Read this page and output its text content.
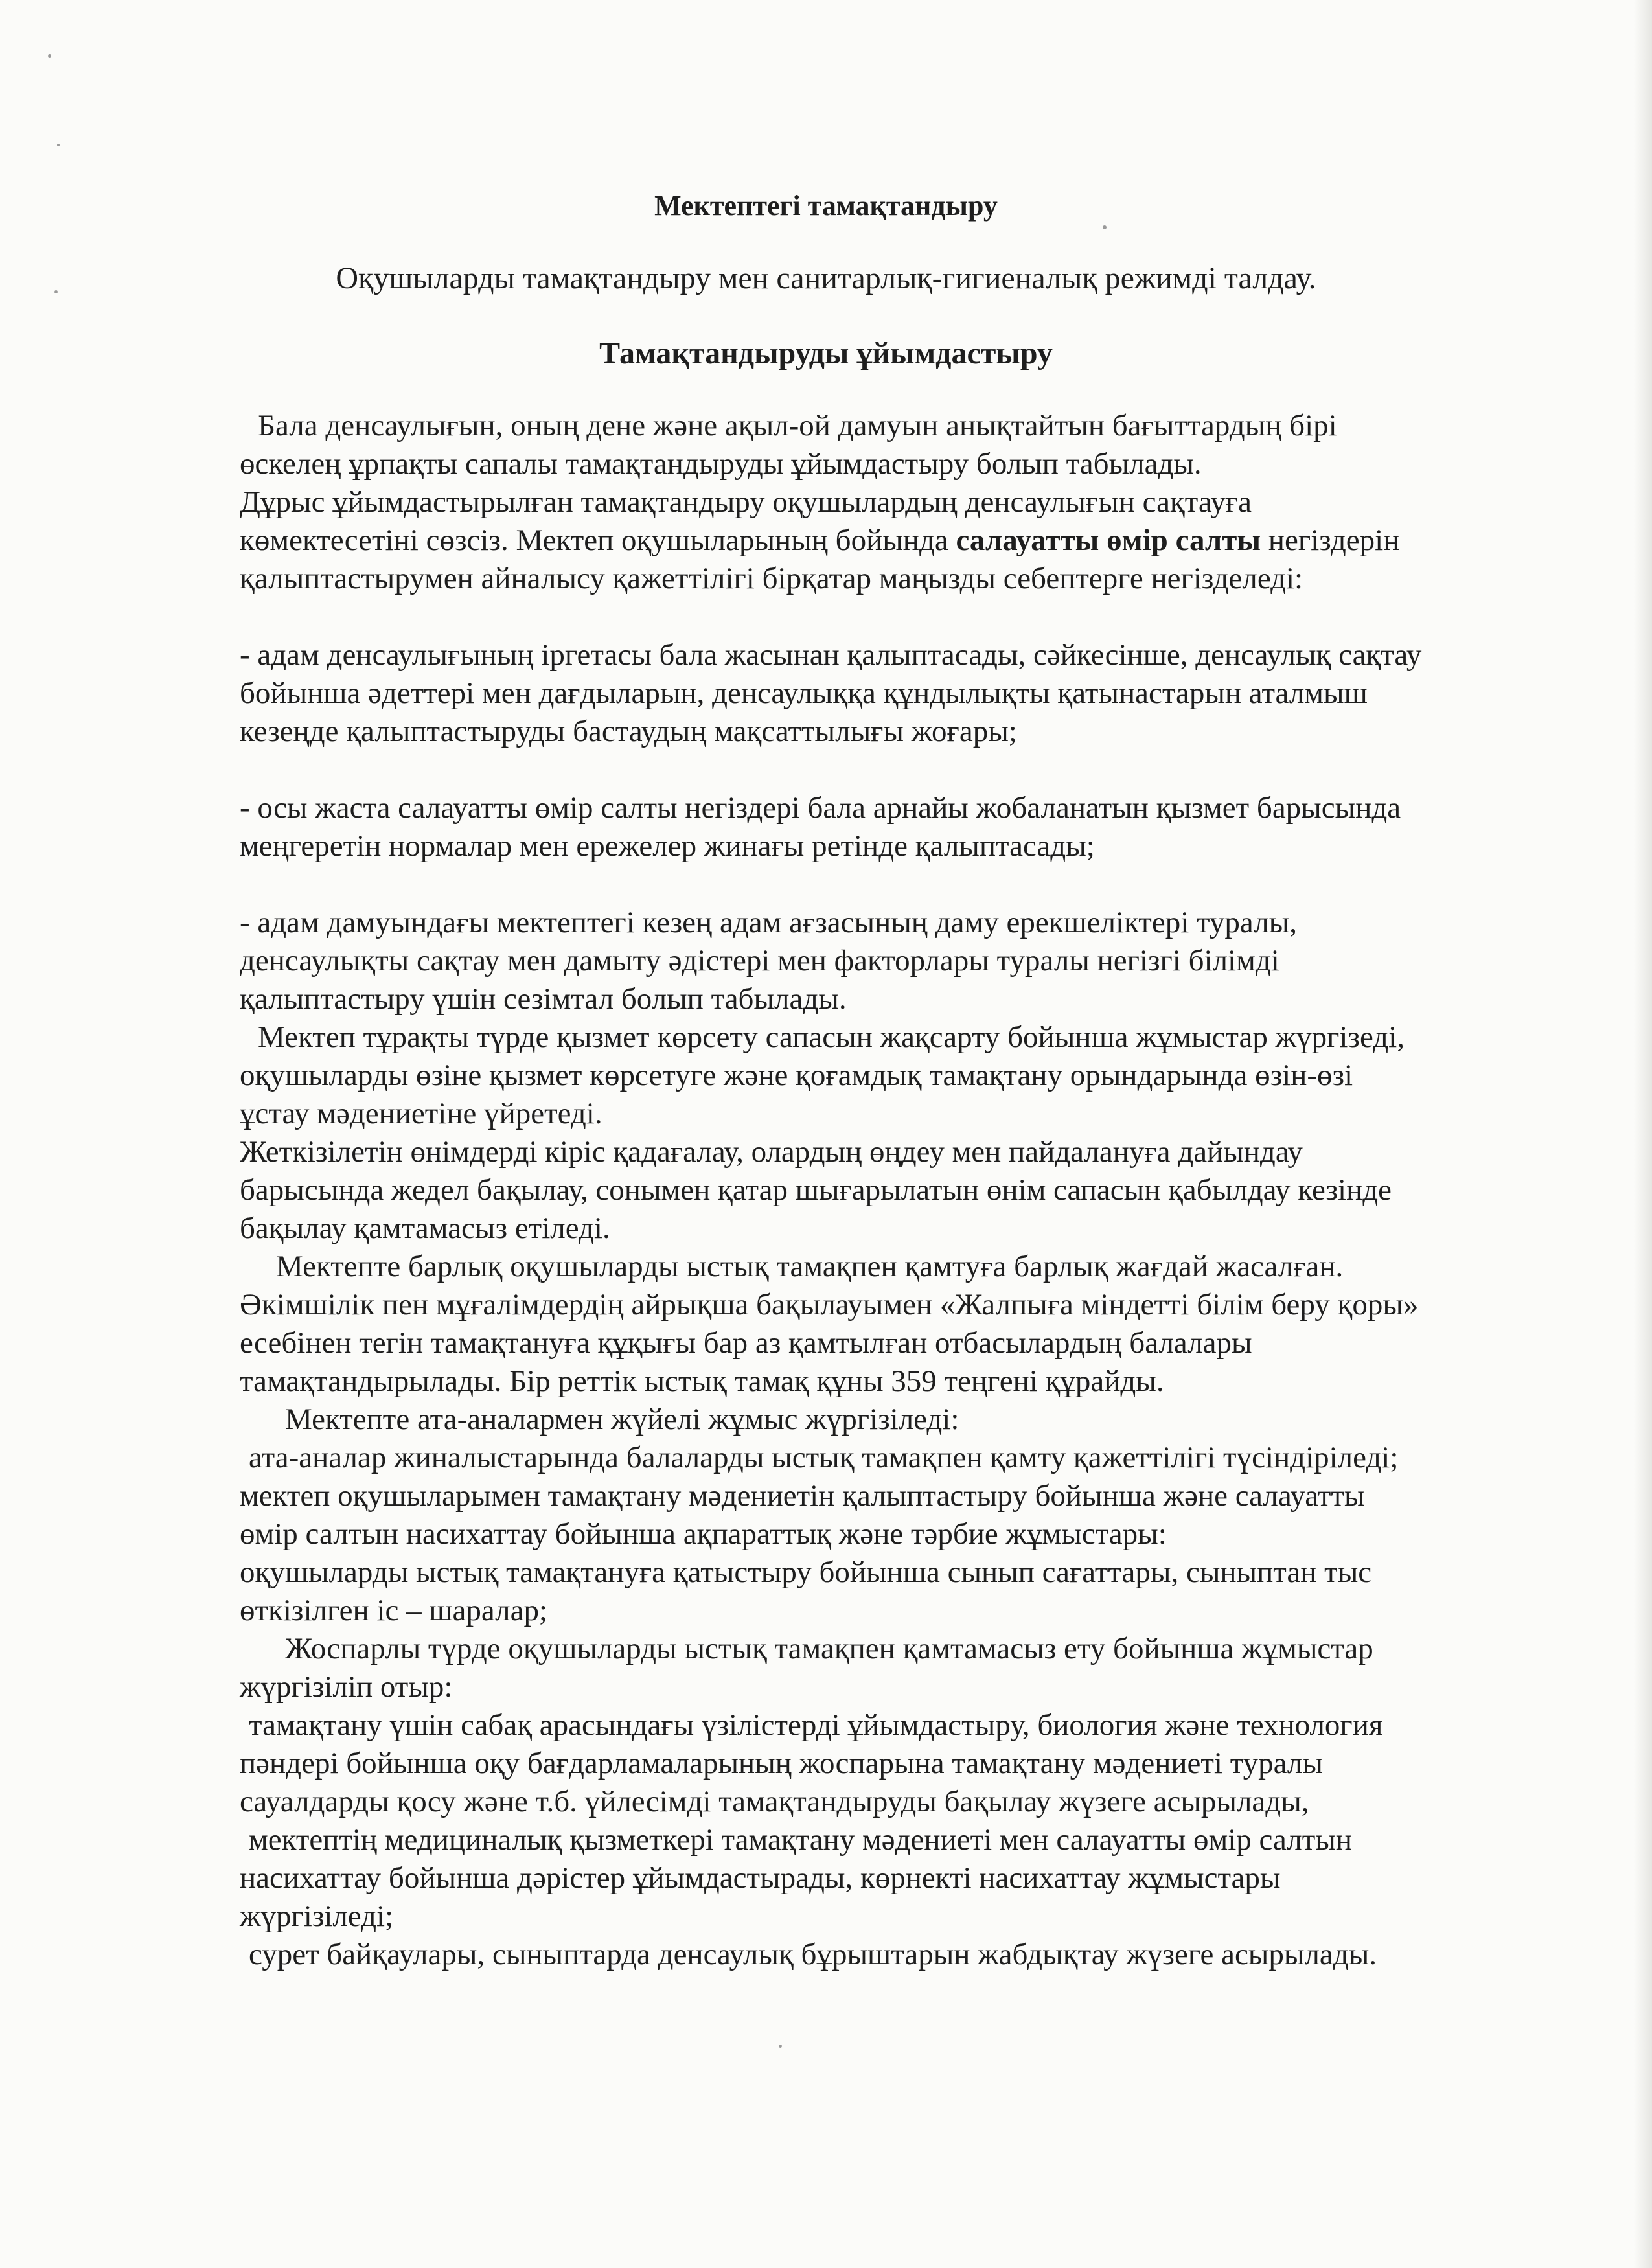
Мектептегі тамақтандыру
Оқушыларды тамақтандыру мен санитарлық-гигиеналық режимді талдау.
Тамақтандыруды ұйымдастыру
Бала денсаулығын, оның дене және ақыл-ой дамуын анықтайтын бағыттардың бірі
өскелең ұрпақты сапалы тамақтандыруды ұйымдастыру болып табылады.
Дұрыс ұйымдастырылған тамақтандыру оқушылардың денсаулығын сақтауға
көмектесетіні сөзсіз. Мектеп оқушыларының бойында салауатты өмір салты негіздерін
қалыптастырумен айналысу қажеттілігі бірқатар маңызды себептерге негізделеді:
- адам денсаулығының іргетасы бала жасынан қалыптасады, сәйкесінше, денсаулық сақтау
бойынша әдеттері мен дағдыларын, денсаулыққа құндылықты қатынастарын аталмыш
кезеңде қалыптастыруды бастаудың мақсаттылығы жоғары;
- осы жаста салауатты өмір салты негіздері бала арнайы жобаланатын қызмет барысында
меңгеретін нормалар мен ережелер жинағы ретінде қалыптасады;
- адам дамуындағы мектептегі кезең адам ағзасының даму ерекшеліктері туралы,
денсаулықты сақтау мен дамыту әдістері мен факторлары туралы негізгі білімді
қалыптастыру үшін сезімтал болып табылады.
Мектеп тұрақты түрде қызмет көрсету сапасын жақсарту бойынша жұмыстар жүргізеді,
оқушыларды өзіне қызмет көрсетуге және қоғамдық тамақтану орындарында өзін-өзі
ұстау мәдениетіне үйретеді.
Жеткізілетін өнімдерді кіріс қадағалау, олардың өңдеу мен пайдалануға дайындау
барысында жедел бақылау, сонымен қатар шығарылатын өнім сапасын қабылдау кезінде
бақылау қамтамасыз етіледі.
Мектепте барлық оқушыларды ыстық тамақпен қамтуға барлық жағдай жасалған.
Әкімшілік пен мұғалімдердің айрықша бақылауымен «Жалпыға міндетті білім беру қоры»
есебінен тегін тамақтануға құқығы бар аз қамтылған отбасылардың балалары
тамақтандырылады. Бір реттік ыстық тамақ құны 359 теңгені құрайды.
Мектепте ата-аналармен жүйелі жұмыс жүргізіледі:
ата-аналар жиналыстарында балаларды ыстық тамақпен қамту қажеттілігі түсіндіріледі;
мектеп оқушыларымен тамақтану мәдениетін қалыптастыру бойынша және салауатты
өмір салтын насихаттау бойынша ақпараттық және тәрбие жұмыстары:
оқушыларды ыстық тамақтануға қатыстыру бойынша сынып сағаттары, сыныптан тыс
өткізілген іс – шаралар;
Жоспарлы түрде оқушыларды ыстық тамақпен қамтамасыз ету бойынша жұмыстар
жүргізіліп отыр:
тамақтану үшін сабақ арасындағы үзілістерді ұйымдастыру, биология және технология
пәндері бойынша оқу бағдарламаларының жоспарына тамақтану мәдениеті туралы
сауалдарды қосу және т.б. үйлесімді тамақтандыруды бақылау жүзеге асырылады,
мектептің медициналық қызметкері тамақтану мәдениеті мен салауатты өмір салтын
насихаттау бойынша дәрістер ұйымдастырады, көрнекті насихаттау жұмыстары
жүргізіледі;
сурет байқаулары, сыныптарда денсаулық бұрыштарын жабдықтау жүзеге асырылады.
